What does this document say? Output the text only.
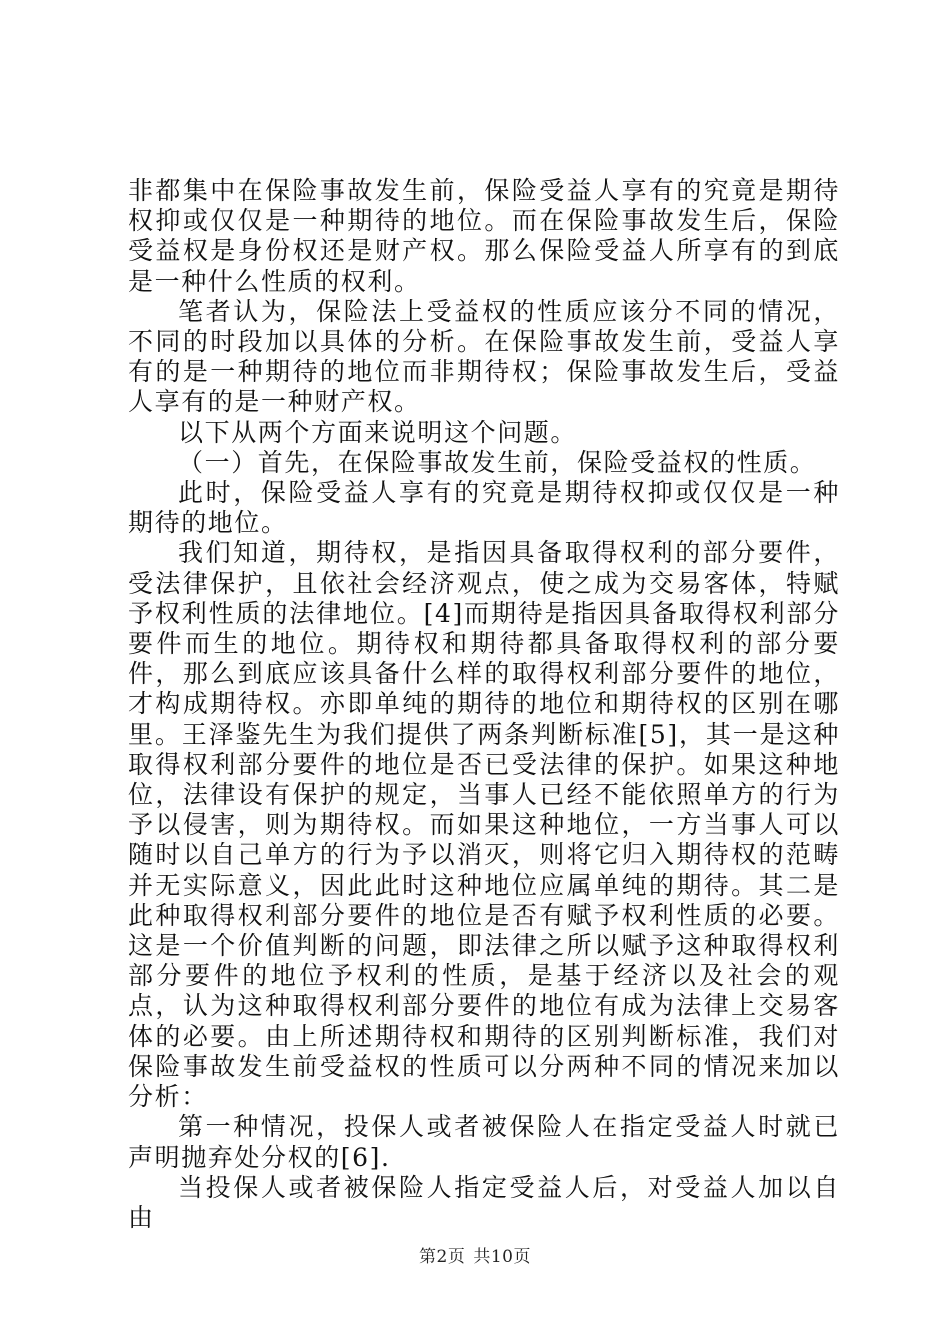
非都集中在保险事故发生前，保险受益人享有的究竟是期待权抑或仅仅是一种期待的地位。而在保险事故发生后，保险受益权是身份权还是财产权。那么保险受益人所享有的到底是一种什么性质的权利。

笔者认为，保险法上受益权的性质应该分不同的情况，不同的时段加以具体的分析。在保险事故发生前，受益人享有的是一种期待的地位而非期待权；保险事故发生后，受益人享有的是一种财产权。

以下从两个方面来说明这个问题。

（一）首先，在保险事故发生前，保险受益权的性质。

此时，保险受益人享有的究竟是期待权抑或仅仅是一种期待的地位。

我们知道，期待权，是指因具备取得权利的部分要件，受法律保护，且依社会经济观点，使之成为交易客体，特赋予权利性质的法律地位。[4]而期待是指因具备取得权利部分要件而生的地位。期待权和期待都具备取得权利的部分要件，那么到底应该具备什么样的取得权利部分要件的地位，才构成期待权。亦即单纯的期待的地位和期待权的区别在哪里。王泽鉴先生为我们提供了两条判断标准[5]，其一是这种取得权利部分要件的地位是否已受法律的保护。如果这种地位，法律设有保护的规定，当事人已经不能依照单方的行为予以侵害，则为期待权。而如果这种地位，一方当事人可以随时以自己单方的行为予以消灭，则将它归入期待权的范畴并无实际意义，因此此时这种地位应属单纯的期待。其二是此种取得权利部分要件的地位是否有赋予权利性质的必要。这是一个价值判断的问题，即法律之所以赋予这种取得权利部分要件的地位予权利的性质，是基于经济以及社会的观点，认为这种取得权利部分要件的地位有成为法律上交易客体的必要。由上所述期待权和期待的区别判断标准，我们对保险事故发生前受益权的性质可以分两种不同的情况来加以分析：

第一种情况，投保人或者被保险人在指定受益人时就已声明抛弃处分权的[6].

当投保人或者被保险人指定受益人后，对受益人加以自由

第2页 共10页
